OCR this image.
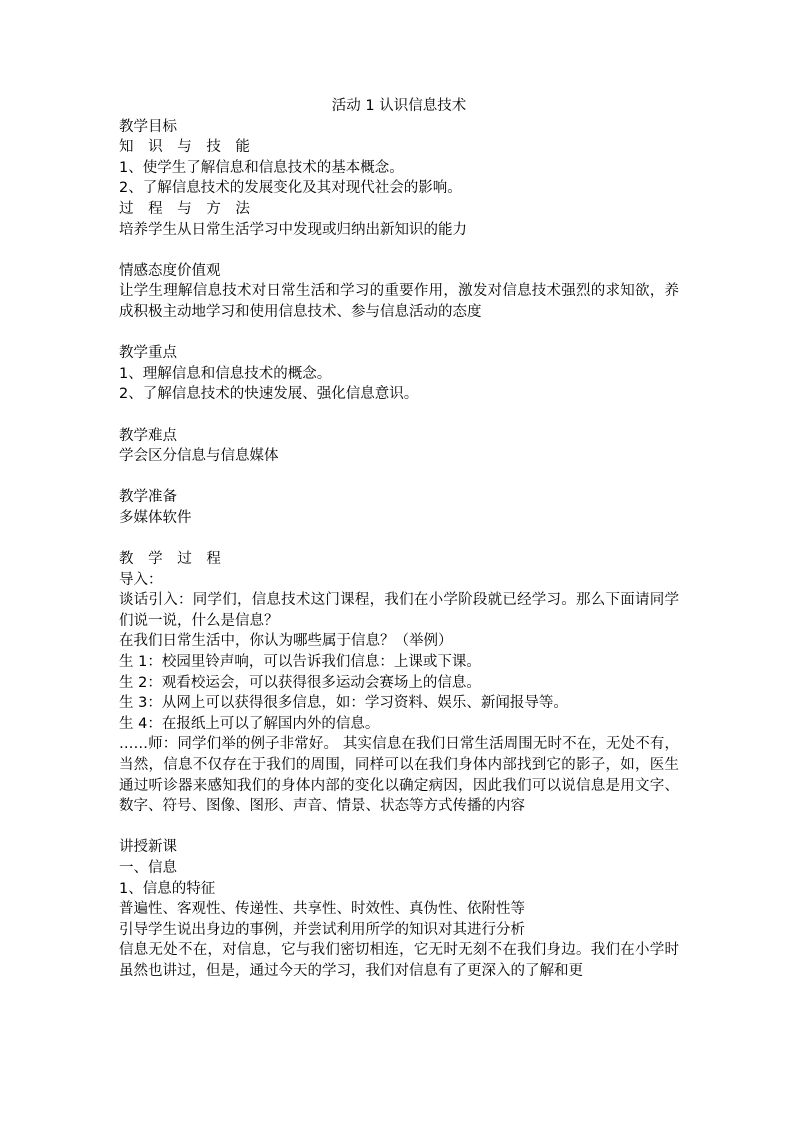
活动 1 认识信息技术
教学目标
知 识 与 技 能
1、使学生了解信息和信息技术的基本概念。
2、了解信息技术的发展变化及其对现代社会的影响。
过 程 与 方 法
培养学生从日常生活学习中发现或归纳出新知识的能力
情感态度价值观
让学生理解信息技术对日常生活和学习的重要作用，激发对信息技术强烈的求知欲，养成积极主动地学习和使用信息技术、参与信息活动的态度
教学重点
1、理解信息和信息技术的概念。
2、了解信息技术的快速发展、强化信息意识。
教学难点
学会区分信息与信息媒体
教学准备
多媒体软件
教 学 过 程
导入：
谈话引入：同学们，信息技术这门课程，我们在小学阶段就已经学习。那么下面请同学们说一说，什么是信息？
在我们日常生活中，你认为哪些属于信息？（举例）
生 1：校园里铃声响，可以告诉我们信息：上课或下课。
生 2：观看校运会，可以获得很多运动会赛场上的信息。
生 3：从网上可以获得很多信息，如：学习资料、娱乐、新闻报导等。
生 4：在报纸上可以了解国内外的信息。
……师：同学们举的例子非常好。 其实信息在我们日常生活周围无时不在，无处不有，当然，信息不仅存在于我们的周围，同样可以在我们身体内部找到它的影子，如，医生通过听诊器来感知我们的身体内部的变化以确定病因，因此我们可以说信息是用文字、数字、符号、图像、图形、声音、情景、状态等方式传播的内容
讲授新课
一、信息
1、信息的特征
普遍性、客观性、传递性、共享性、时效性、真伪性、依附性等
引导学生说出身边的事例，并尝试利用所学的知识对其进行分析
信息无处不在，对信息，它与我们密切相连，它无时无刻不在我们身边。我们在小学时虽然也讲过，但是，通过今天的学习，我们对信息有了更深入的了解和更
